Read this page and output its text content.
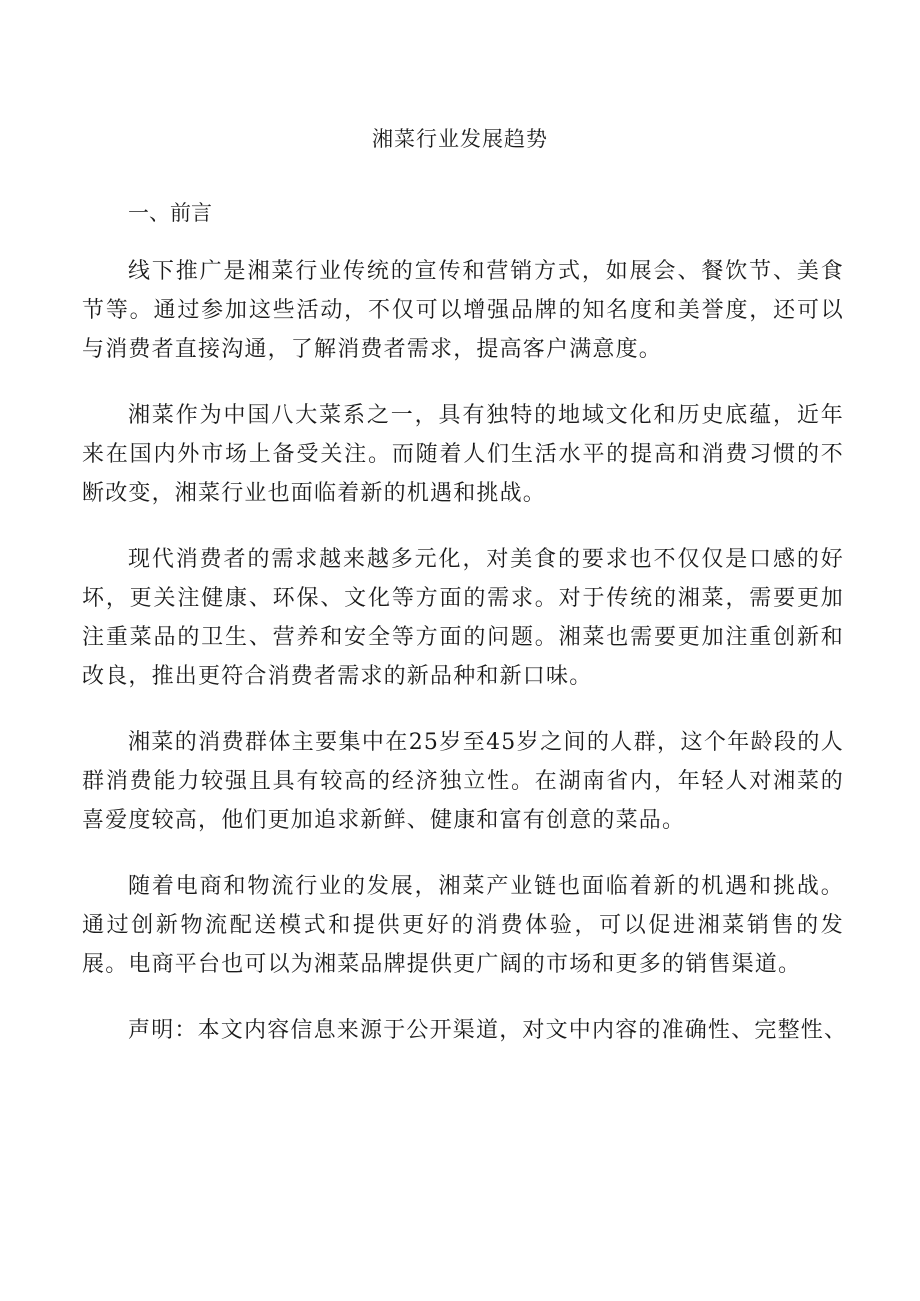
湘菜行业发展趋势
一、前言

线下推广是湘菜行业传统的宣传和营销方式，如展会、餐饮节、美食节等。通过参加这些活动，不仅可以增强品牌的知名度和美誉度，还可以与消费者直接沟通，了解消费者需求，提高客户满意度。

湘菜作为中国八大菜系之一，具有独特的地域文化和历史底蕴，近年来在国内外市场上备受关注。而随着人们生活水平的提高和消费习惯的不断改变，湘菜行业也面临着新的机遇和挑战。

现代消费者的需求越来越多元化，对美食的要求也不仅仅是口感的好坏，更关注健康、环保、文化等方面的需求。对于传统的湘菜，需要更加注重菜品的卫生、营养和安全等方面的问题。湘菜也需要更加注重创新和改良，推出更符合消费者需求的新品种和新口味。

湘菜的消费群体主要集中在25岁至45岁之间的人群，这个年龄段的人群消费能力较强且具有较高的经济独立性。在湖南省内，年轻人对湘菜的喜爱度较高，他们更加追求新鲜、健康和富有创意的菜品。

随着电商和物流行业的发展，湘菜产业链也面临着新的机遇和挑战。通过创新物流配送模式和提供更好的消费体验，可以促进湘菜销售的发展。电商平台也可以为湘菜品牌提供更广阔的市场和更多的销售渠道。

声明：本文内容信息来源于公开渠道，对文中内容的准确性、完整性、
